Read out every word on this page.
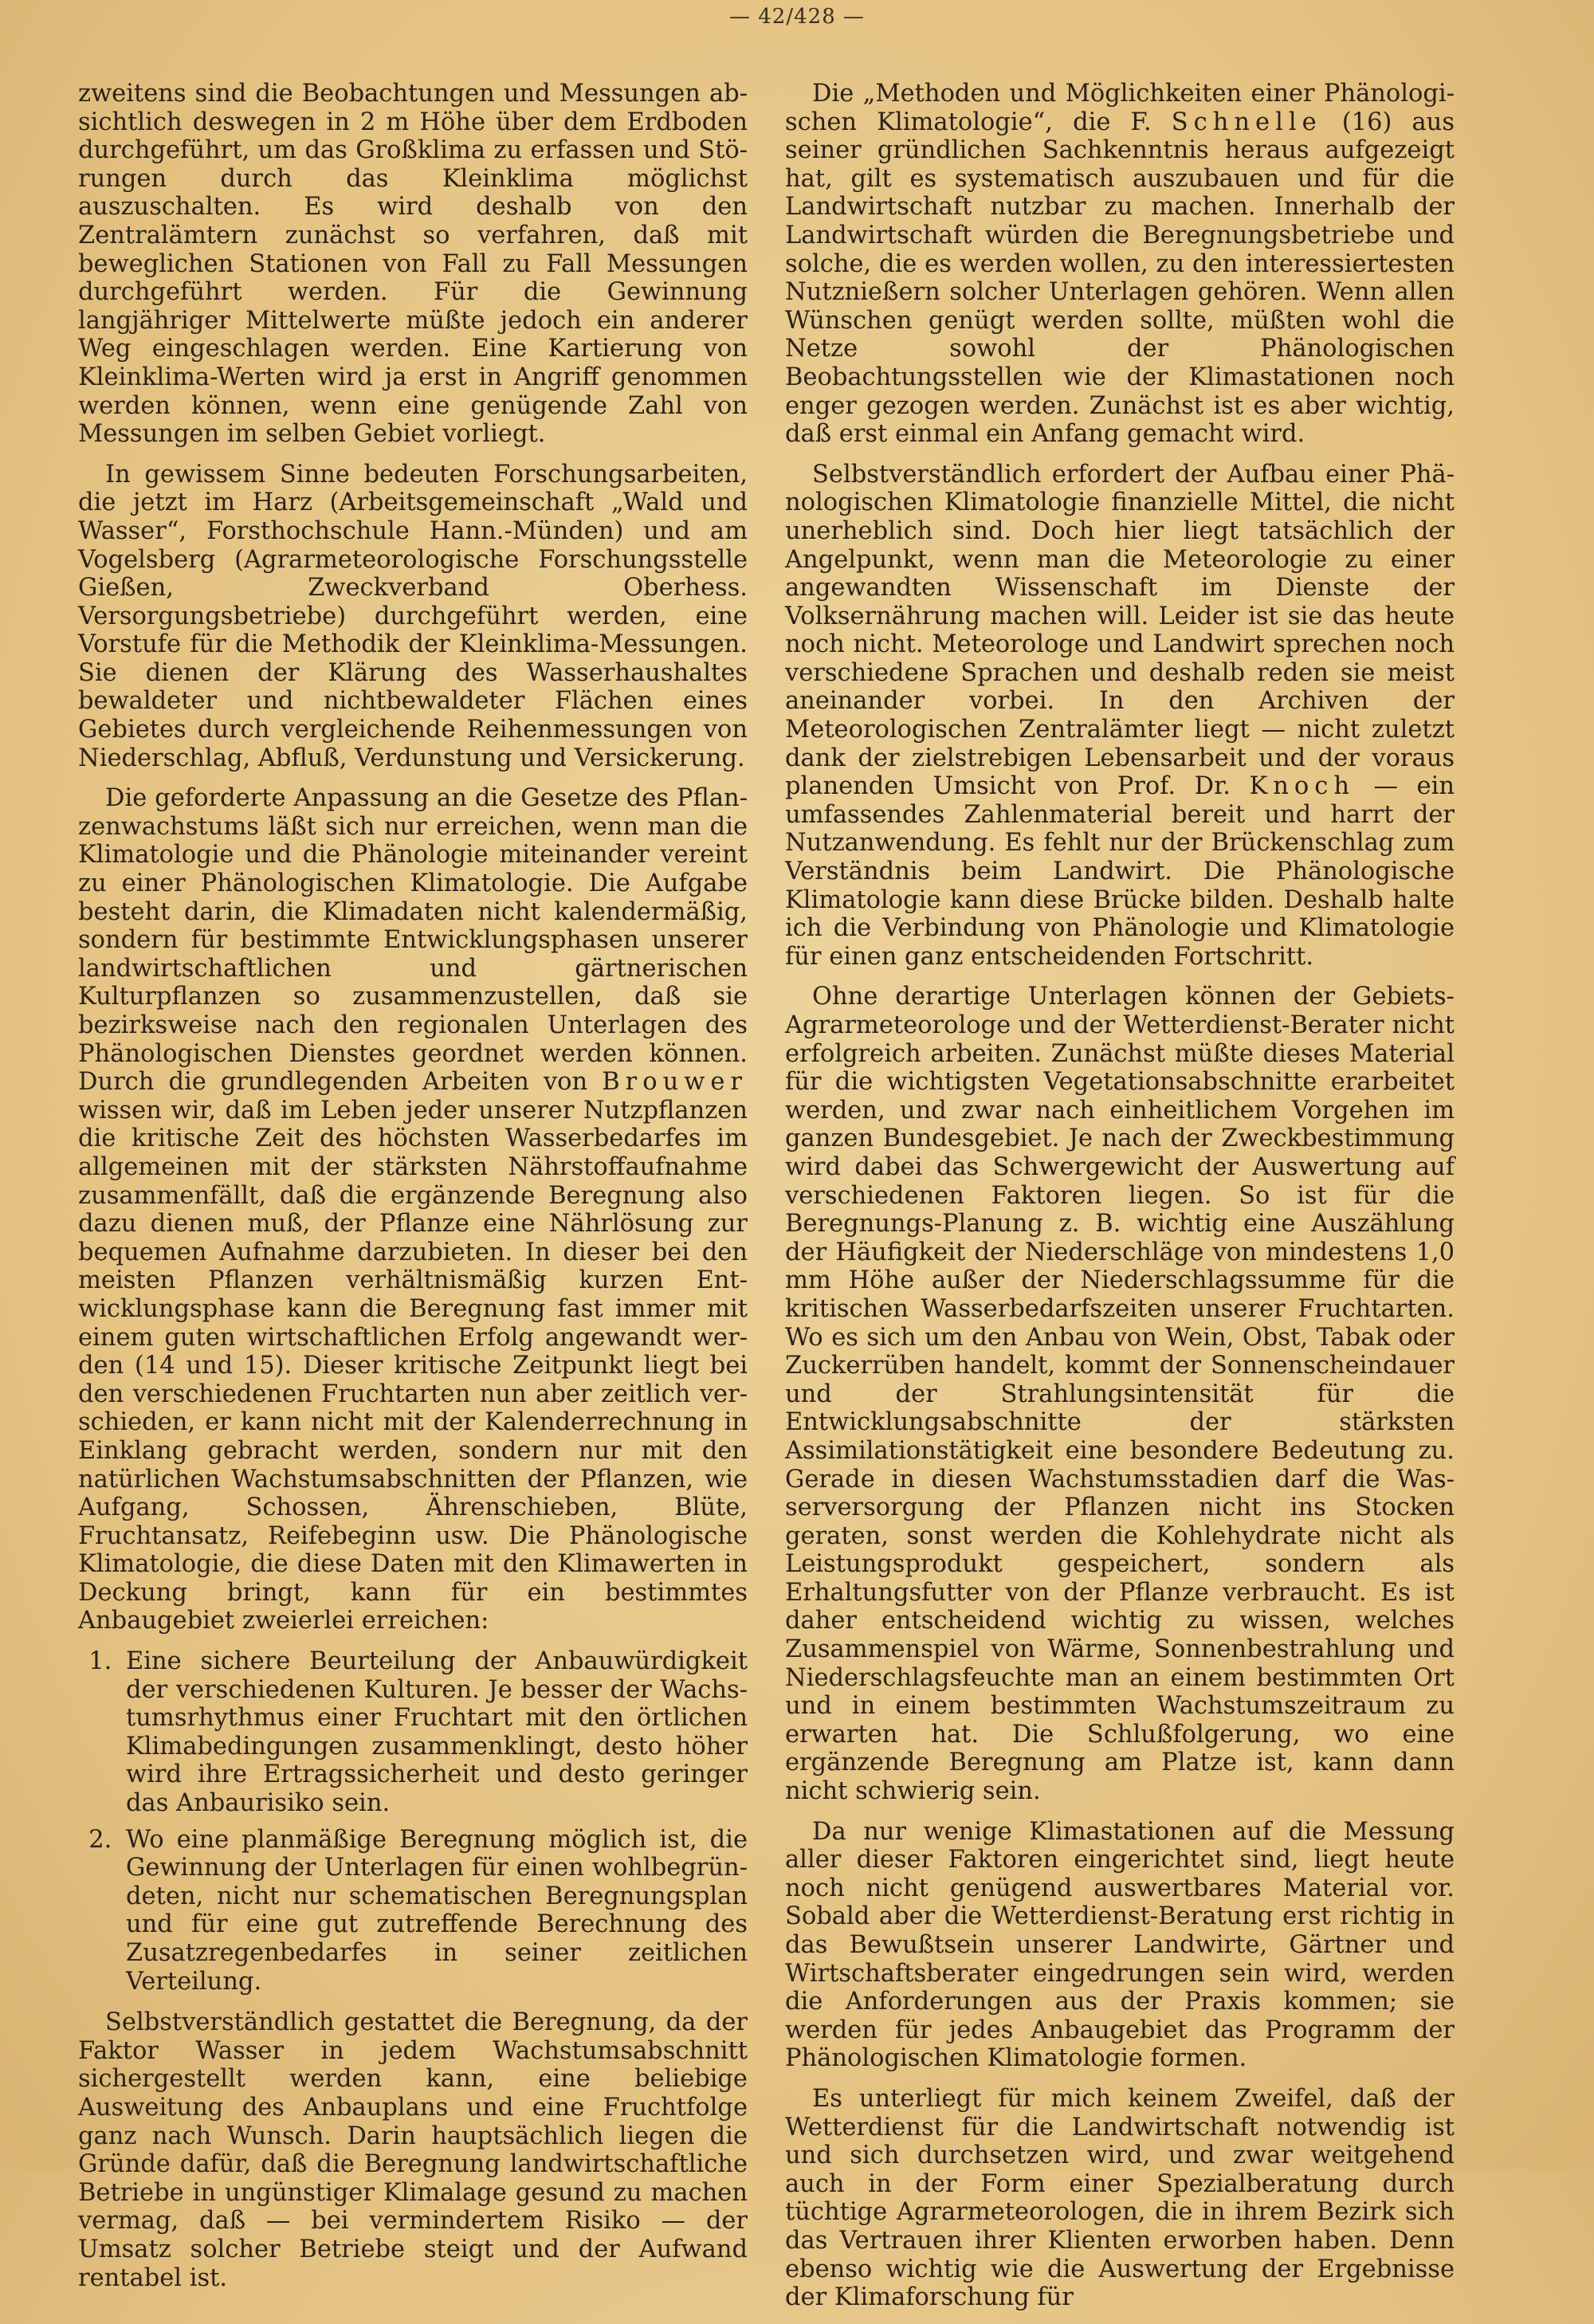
— 42/428 —

zweitens sind die Beobachtungen und Messungen absichtlich deswegen in 2 m Höhe über dem Erdboden durchgeführt, um das Großklima zu erfassen und Störungen durch das Kleinklima möglichst auszuschalten. Es wird deshalb von den Zentralämtern zunächst so verfahren, daß mit beweglichen Stationen von Fall zu Fall Messungen durchgeführt werden. Für die Gewinnung langjähriger Mittelwerte müßte jedoch ein anderer Weg eingeschlagen werden. Eine Kartierung von Kleinklima-Werten wird ja erst in Angriff genommen werden können, wenn eine genügende Zahl von Messungen im selben Gebiet vorliegt.

In gewissem Sinne bedeuten Forschungsarbeiten, die jetzt im Harz (Arbeitsgemeinschaft „Wald und Wasser“, Forsthochschule Hann.-Münden) und am Vogelsberg (Agrarmeteorologische Forschungsstelle Gießen, Zweckverband Oberhess. Versorgungsbetriebe) durchgeführt werden, eine Vorstufe für die Methodik der Kleinklima-Messungen. Sie dienen der Klärung des Wasserhaushaltes bewaldeter und nichtbewaldeter Flächen eines Gebietes durch vergleichende Reihenmessungen von Niederschlag, Abfluß, Verdunstung und Versickerung.

Die geforderte Anpassung an die Gesetze des Pflanzenwachstums läßt sich nur erreichen, wenn man die Klimatologie und die Phänologie miteinander vereint zu einer Phänologischen Klimatologie. Die Aufgabe besteht darin, die Klimadaten nicht kalendermäßig, sondern für bestimmte Entwicklungsphasen unserer landwirtschaftlichen und gärtnerischen Kulturpflanzen so zusammenzustellen, daß sie bezirksweise nach den regionalen Unterlagen des Phänologischen Dienstes geordnet werden können. Durch die grundlegenden Arbeiten von Brouwer wissen wir, daß im Leben jeder unserer Nutzpflanzen die kritische Zeit des höchsten Wasserbedarfes im allgemeinen mit der stärksten Nährstoffaufnahme zusammenfällt, daß die ergänzende Beregnung also dazu dienen muß, der Pflanze eine Nährlösung zur bequemen Aufnahme darzubieten. In dieser bei den meisten Pflanzen verhältnismäßig kurzen Entwicklungsphase kann die Beregnung fast immer mit einem guten wirtschaftlichen Erfolg angewandt werden (14 und 15). Dieser kritische Zeitpunkt liegt bei den verschiedenen Fruchtarten nun aber zeitlich verschieden, er kann nicht mit der Kalenderrechnung in Einklang gebracht werden, sondern nur mit den natürlichen Wachstumsabschnitten der Pflanzen, wie Aufgang, Schossen, Ährenschieben, Blüte, Fruchtansatz, Reifebeginn usw. Die Phänologische Klimatologie, die diese Daten mit den Klimawerten in Deckung bringt, kann für ein bestimmtes Anbaugebiet zweierlei erreichen:

1. Eine sichere Beurteilung der Anbauwürdigkeit der verschiedenen Kulturen. Je besser der Wachstumsrhythmus einer Fruchtart mit den örtlichen Klimabedingungen zusammenklingt, desto höher wird ihre Ertragssicherheit und desto geringer das Anbaurisiko sein.
2. Wo eine planmäßige Beregnung möglich ist, die Gewinnung der Unterlagen für einen wohlbegründeten, nicht nur schematischen Beregnungsplan und für eine gut zutreffende Berechnung des Zusatzregenbedarfes in seiner zeitlichen Verteilung.

Selbstverständlich gestattet die Beregnung, da der Faktor Wasser in jedem Wachstumsabschnitt sichergestellt werden kann, eine beliebige Ausweitung des Anbauplans und eine Fruchtfolge ganz nach Wunsch. Darin hauptsächlich liegen die Gründe dafür, daß die Beregnung landwirtschaftliche Betriebe in ungünstiger Klimalage gesund zu machen vermag, daß — bei vermindertem Risiko — der Umsatz solcher Betriebe steigt und der Aufwand rentabel ist.

Die „Methoden und Möglichkeiten einer Phänologischen Klimatologie“, die F. Schnelle (16) aus seiner gründlichen Sachkenntnis heraus aufgezeigt hat, gilt es systematisch auszubauen und für die Landwirtschaft nutzbar zu machen. Innerhalb der Landwirtschaft würden die Beregnungsbetriebe und solche, die es werden wollen, zu den interessiertesten Nutznießern solcher Unterlagen gehören. Wenn allen Wünschen genügt werden sollte, müßten wohl die Netze sowohl der Phänologischen Beobachtungsstellen wie der Klimastationen noch enger gezogen werden. Zunächst ist es aber wichtig, daß erst einmal ein Anfang gemacht wird.

Selbstverständlich erfordert der Aufbau einer Phänologischen Klimatologie finanzielle Mittel, die nicht unerheblich sind. Doch hier liegt tatsächlich der Angelpunkt, wenn man die Meteorologie zu einer angewandten Wissenschaft im Dienste der Volksernährung machen will. Leider ist sie das heute noch nicht. Meteorologe und Landwirt sprechen noch verschiedene Sprachen und deshalb reden sie meist aneinander vorbei. In den Archiven der Meteorologischen Zentralämter liegt — nicht zuletzt dank der zielstrebigen Lebensarbeit und der voraus planenden Umsicht von Prof. Dr. Knoch — ein umfassendes Zahlenmaterial bereit und harrt der Nutzanwendung. Es fehlt nur der Brückenschlag zum Verständnis beim Landwirt. Die Phänologische Klimatologie kann diese Brücke bilden. Deshalb halte ich die Verbindung von Phänologie und Klimatologie für einen ganz entscheidenden Fortschritt.

Ohne derartige Unterlagen können der Gebiets-Agrarmeteorologe und der Wetterdienst-Berater nicht erfolgreich arbeiten. Zunächst müßte dieses Material für die wichtigsten Vegetationsabschnitte erarbeitet werden, und zwar nach einheitlichem Vorgehen im ganzen Bundesgebiet. Je nach der Zweckbestimmung wird dabei das Schwergewicht der Auswertung auf verschiedenen Faktoren liegen. So ist für die Beregnungs-Planung z. B. wichtig eine Auszählung der Häufigkeit der Niederschläge von mindestens 1,0 mm Höhe außer der Niederschlagssumme für die kritischen Wasserbedarfszeiten unserer Fruchtarten. Wo es sich um den Anbau von Wein, Obst, Tabak oder Zuckerrüben handelt, kommt der Sonnenscheindauer und der Strahlungsintensität für die Entwicklungsabschnitte der stärksten Assimilationstätigkeit eine besondere Bedeutung zu. Gerade in diesen Wachstumsstadien darf die Wasserversorgung der Pflanzen nicht ins Stocken geraten, sonst werden die Kohlehydrate nicht als Leistungsprodukt gespeichert, sondern als Erhaltungsfutter von der Pflanze verbraucht. Es ist daher entscheidend wichtig zu wissen, welches Zusammenspiel von Wärme, Sonnenbestrahlung und Niederschlagsfeuchte man an einem bestimmten Ort und in einem bestimmten Wachstumszeitraum zu erwarten hat. Die Schlußfolgerung, wo eine ergänzende Beregnung am Platze ist, kann dann nicht schwierig sein.

Da nur wenige Klimastationen auf die Messung aller dieser Faktoren eingerichtet sind, liegt heute noch nicht genügend auswertbares Material vor. Sobald aber die Wetterdienst-Beratung erst richtig in das Bewußtsein unserer Landwirte, Gärtner und Wirtschaftsberater eingedrungen sein wird, werden die Anforderungen aus der Praxis kommen; sie werden für jedes Anbaugebiet das Programm der Phänologischen Klimatologie formen.

Es unterliegt für mich keinem Zweifel, daß der Wetterdienst für die Landwirtschaft notwendig ist und sich durchsetzen wird, und zwar weitgehend auch in der Form einer Spezialberatung durch tüchtige Agrarmeteorologen, die in ihrem Bezirk sich das Vertrauen ihrer Klienten erworben haben. Denn ebenso wichtig wie die Auswertung der Ergebnisse der Klimaforschung für
